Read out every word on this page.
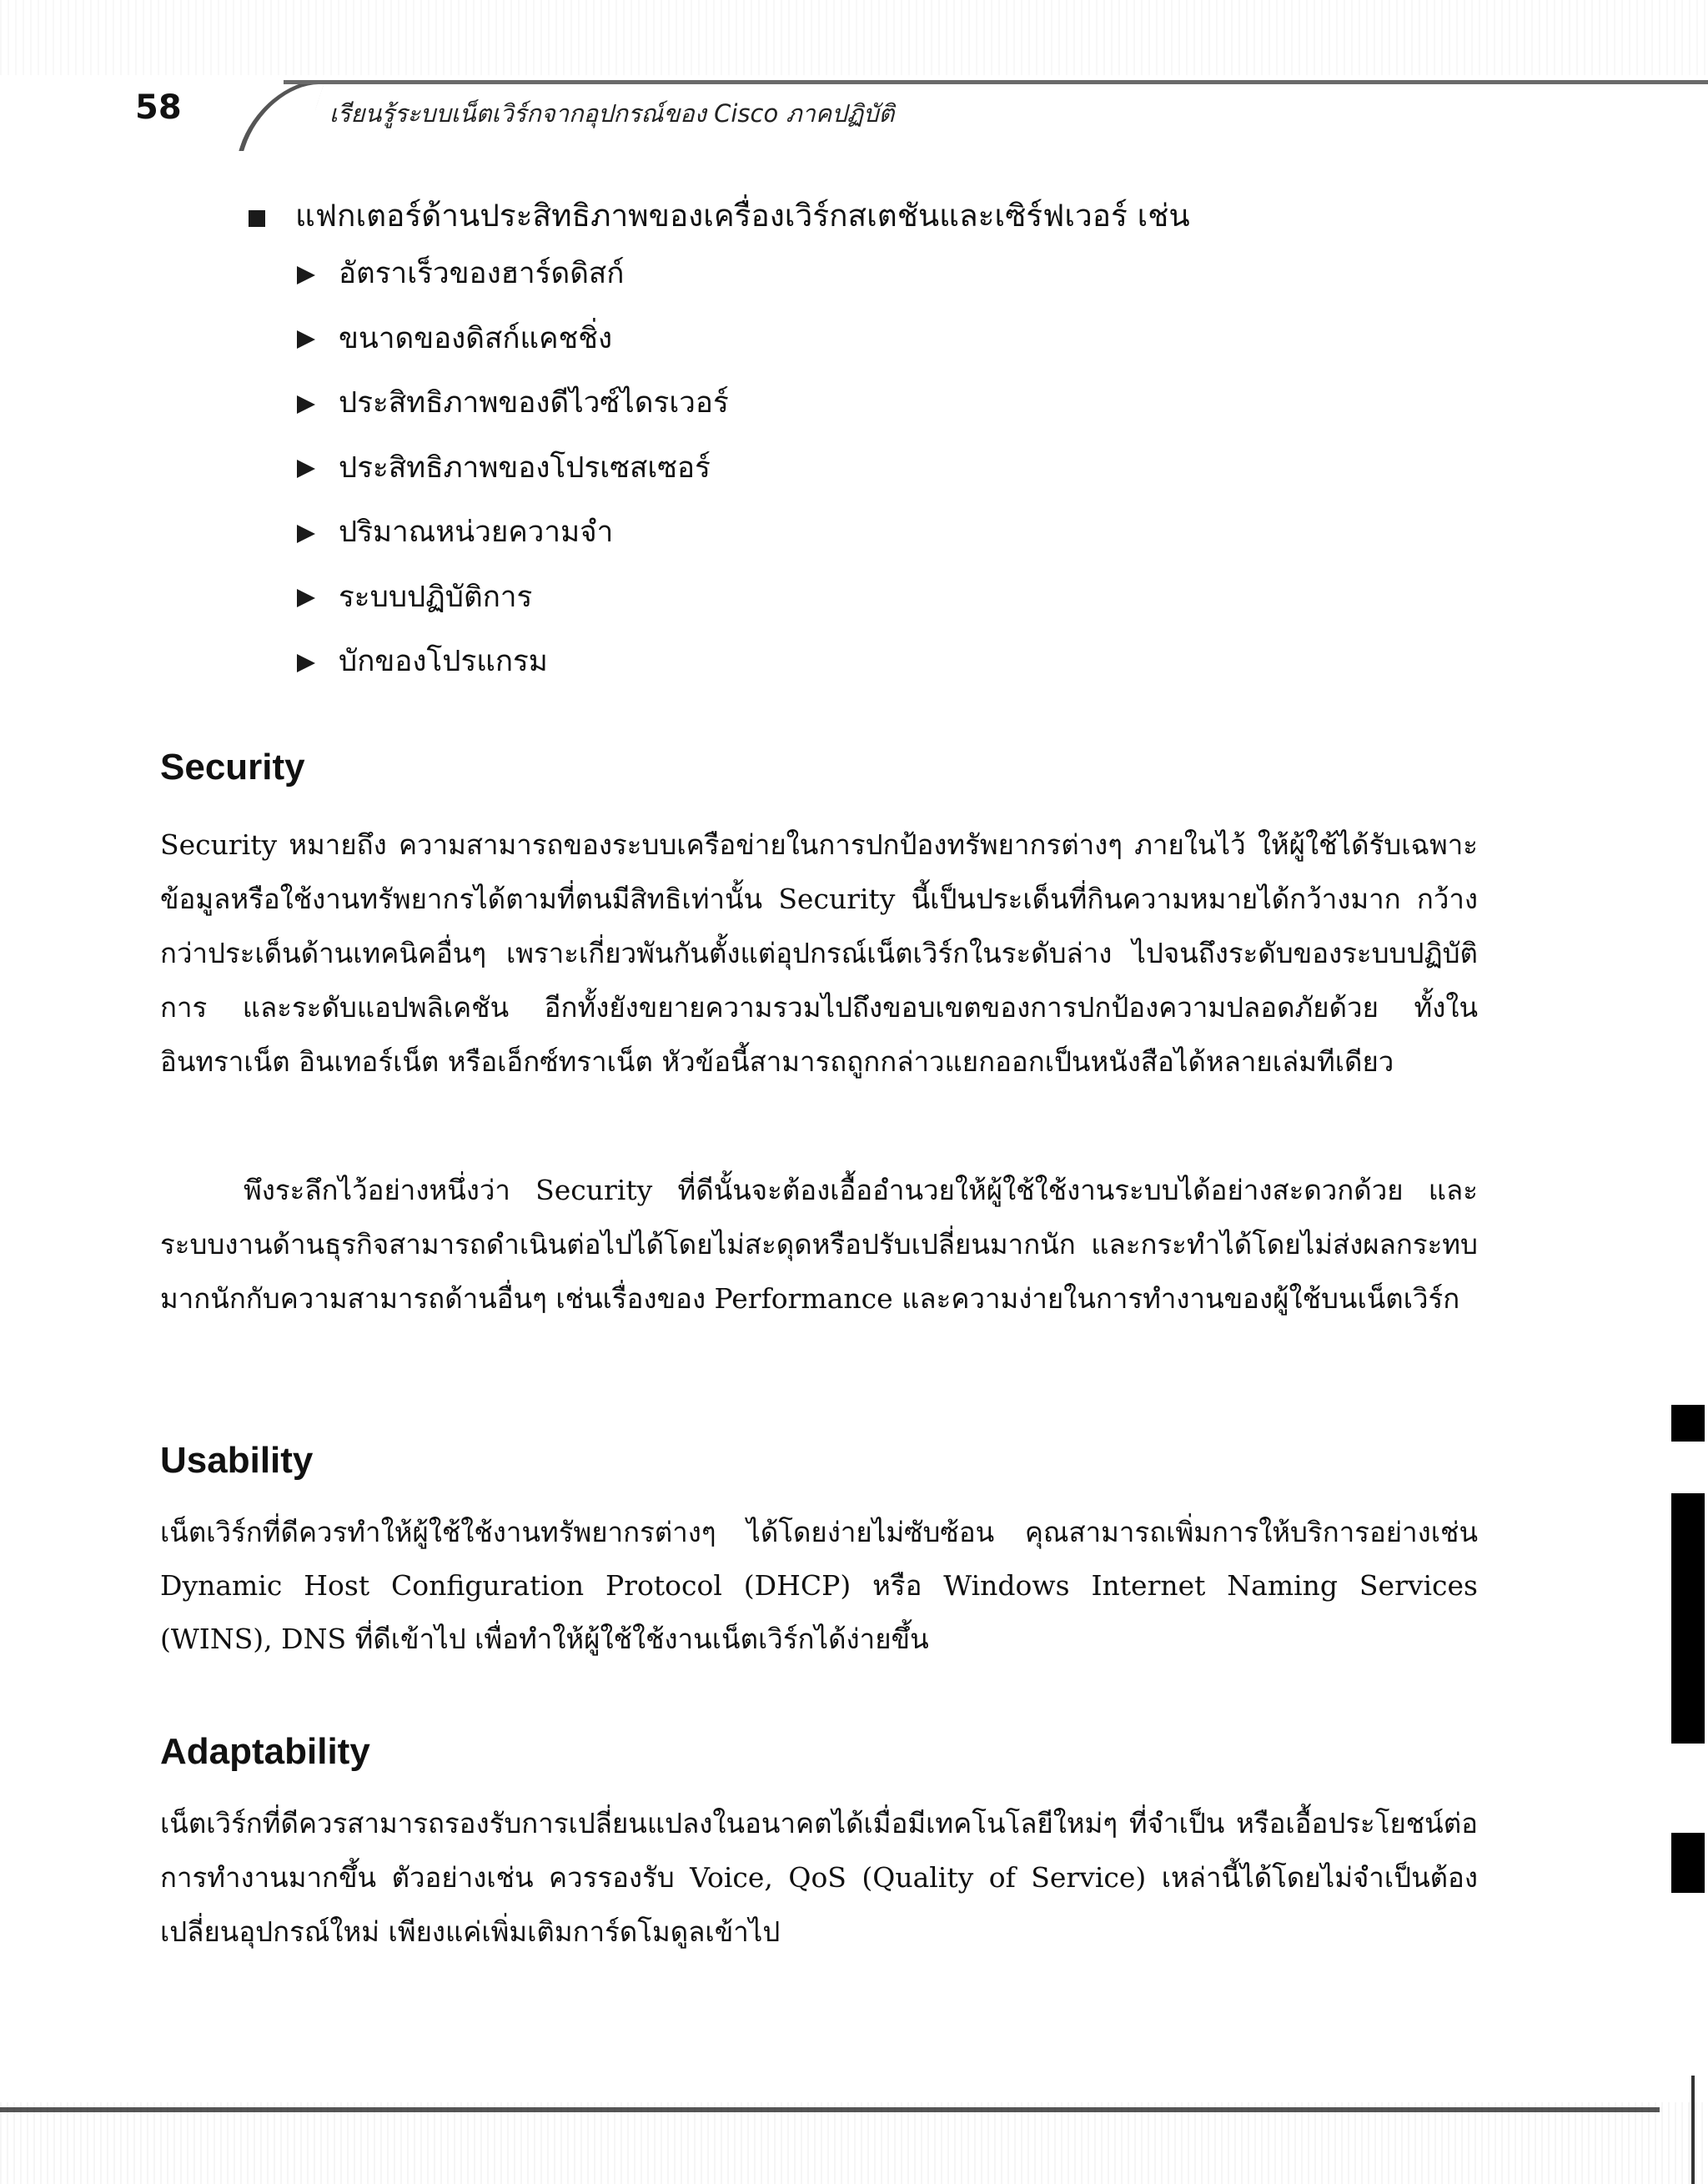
58	เรียนรู้ระบบเน็ตเวิร์กจากอุปกรณ์ของ Cisco ภาคปฏิบัติ
แฟกเตอร์ด้านประสิทธิภาพของเครื่องเวิร์กสเตชันและเซิร์ฟเวอร์ เช่น
อัตราเร็วของฮาร์ดดิสก์
ขนาดของดิสก์แคชชิ่ง
ประสิทธิภาพของดีไวซ์ไดรเวอร์
ประสิทธิภาพของโปรเซสเซอร์
ปริมาณหน่วยความจำ
ระบบปฏิบัติการ
บักของโปรแกรม
Security

Security หมายถึง ความสามารถของระบบเครือข่ายในการปกป้องทรัพยากรต่างๆ ภายในไว้ ให้ผู้ใช้ได้รับเฉพาะข้อมูลหรือใช้งานทรัพยากรได้ตามที่ตนมีสิทธิเท่านั้น Security นี้เป็นประเด็นที่กินความหมายได้กว้างมาก กว้างกว่าประเด็นด้านเทคนิคอื่นๆ เพราะเกี่ยวพันกันตั้งแต่อุปกรณ์เน็ตเวิร์กในระดับล่าง ไปจนถึงระดับของระบบปฏิบัติการ และระดับแอปพลิเคชัน อีกทั้งยังขยายความรวมไปถึงขอบเขตของการปกป้องความปลอดภัยด้วย ทั้งในอินทราเน็ต อินเทอร์เน็ต หรือเอ็กซ์ทราเน็ต หัวข้อนี้สามารถถูกกล่าวแยกออกเป็นหนังสือได้หลายเล่มทีเดียว

พึงระลึกไว้อย่างหนึ่งว่า Security ที่ดีนั้นจะต้องเอื้ออำนวยให้ผู้ใช้ใช้งานระบบได้อย่างสะดวกด้วย และระบบงานด้านธุรกิจสามารถดำเนินต่อไปได้โดยไม่สะดุดหรือปรับเปลี่ยนมากนัก และกระทำได้โดยไม่ส่งผลกระทบมากนักกับความสามารถด้านอื่นๆ เช่นเรื่องของ Performance และความง่ายในการทำงานของผู้ใช้บนเน็ตเวิร์ก

Usability

เน็ตเวิร์กที่ดีควรทำให้ผู้ใช้ใช้งานทรัพยากรต่างๆ ได้โดยง่ายไม่ซับซ้อน คุณสามารถเพิ่มการให้บริการอย่างเช่น Dynamic Host Configuration Protocol (DHCP) หรือ Windows Internet Naming Services (WINS), DNS ที่ดีเข้าไป เพื่อทำให้ผู้ใช้ใช้งานเน็ตเวิร์กได้ง่ายขึ้น

Adaptability

เน็ตเวิร์กที่ดีควรสามารถรองรับการเปลี่ยนแปลงในอนาคตได้เมื่อมีเทคโนโลยีใหม่ๆ ที่จำเป็น หรือเอื้อประโยชน์ต่อการทำงานมากขึ้น ตัวอย่างเช่น ควรรองรับ Voice, QoS (Quality of Service) เหล่านี้ได้โดยไม่จำเป็นต้องเปลี่ยนอุปกรณ์ใหม่ เพียงแค่เพิ่มเติมการ์ดโมดูลเข้าไป
